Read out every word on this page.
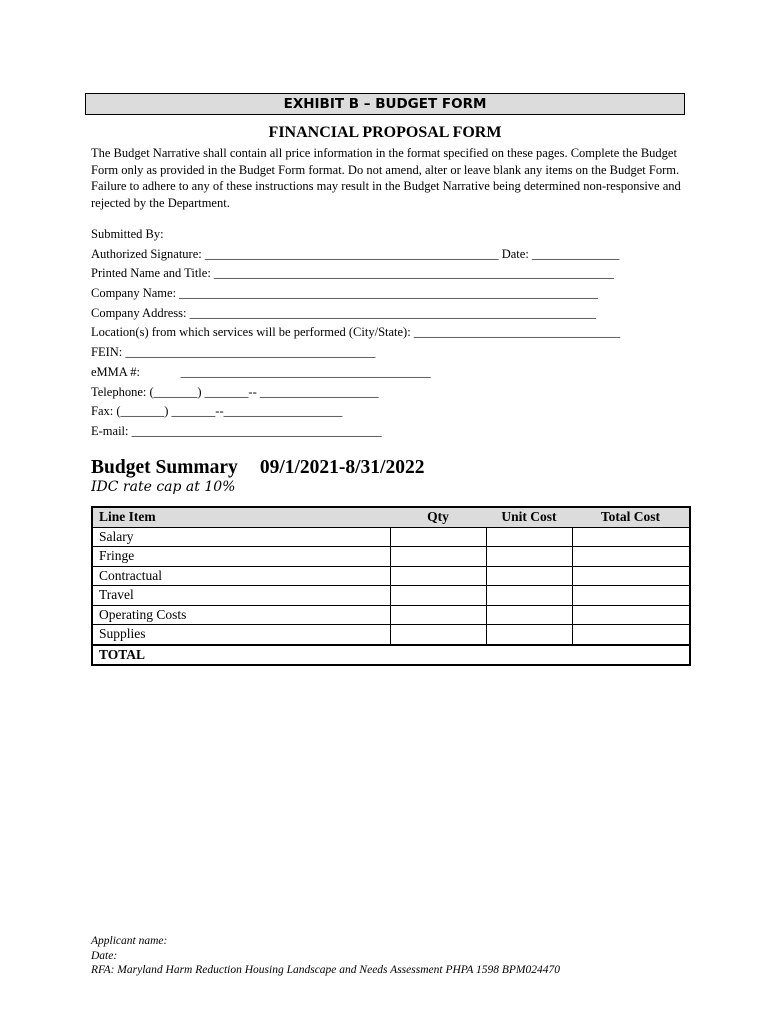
EXHIBIT B – BUDGET FORM
FINANCIAL PROPOSAL FORM
The Budget Narrative shall contain all price information in the format specified on these pages. Complete the Budget Form only as provided in the Budget Form format. Do not amend, alter or leave blank any items on the Budget Form. Failure to adhere to any of these instructions may result in the Budget Narrative being determined non-responsive and rejected by the Department.
Submitted By:
Authorized Signature: _______________________________________________ Date: ______________
Printed Name and Title: ________________________________________________________________
Company Name: ___________________________________________________________________
Company Address: _________________________________________________________________
Location(s) from which services will be performed (City/State): _________________________________
FEIN: ________________________________________
eMMA #:             ________________________________________
Telephone: (_______) _______-- ___________________
Fax: (_______) _______--___________________
E-mail: ________________________________________
Budget Summary 09/1/2021-8/31/2022
IDC rate cap at 10%
Line Item	Qty	Unit Cost	Total Cost
Salary			
Fringe			
Contractual			
Travel			
Operating Costs			
Supplies			
TOTAL			
Applicant name:
Date:
RFA: Maryland Harm Reduction Housing Landscape and Needs Assessment PHPA 1598 BPM024470
